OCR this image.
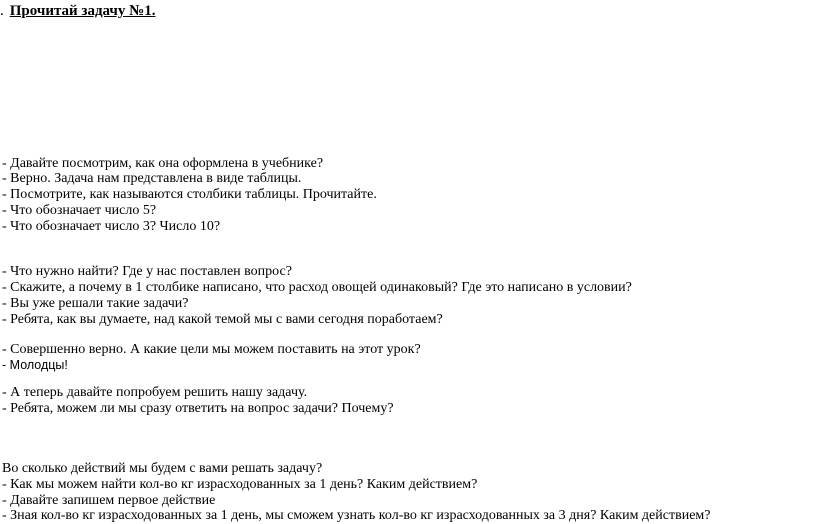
. Прочитай задачу №1.
- Давайте посмотрим, как она оформлена в учебнике?
- Верно. Задача нам представлена в виде таблицы.
- Посмотрите, как называются столбики таблицы. Прочитайте.
- Что обозначает число 5?
- Что обозначает число 3? Число 10?
- Что нужно найти? Где у нас поставлен вопрос?
- Скажите, а почему в 1 столбике написано, что расход овощей одинаковый? Где это написано в условии?
- Вы уже решали такие задачи?
- Ребята, как вы думаете, над какой темой мы с вами сегодня поработаем?
- Совершенно верно. А какие цели мы можем поставить на этот урок?
- Молодцы!
- А теперь давайте попробуем решить нашу задачу.
- Ребята, можем ли мы сразу ответить на вопрос задачи? Почему?
Во сколько действий мы будем с вами решать задачу?
- Как мы можем найти кол-во кг израсходованных за 1 день? Каким действием?
- Давайте запишем первое действие
- Зная кол-во кг израсходованных за 1 день, мы сможем узнать кол-во кг израсходованных за 3 дня? Каким действием?
